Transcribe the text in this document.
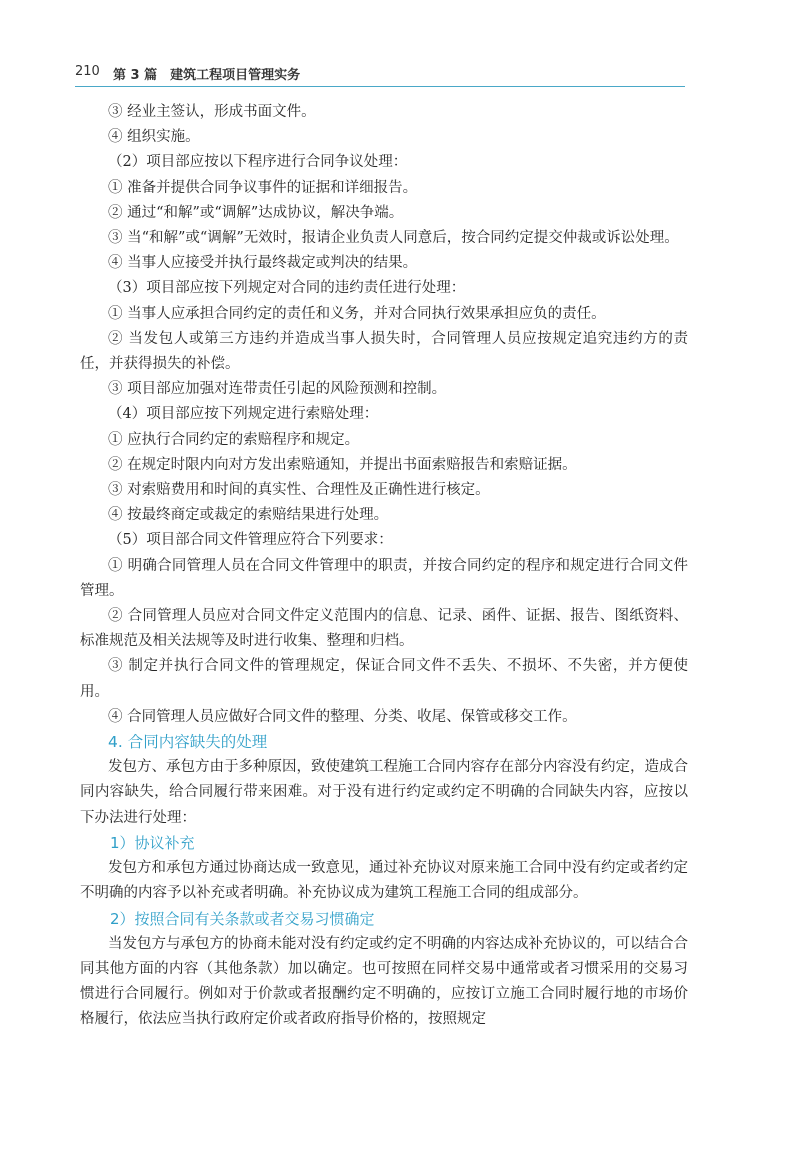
210 第 3 篇　建筑工程项目管理实务

③ 经业主签认，形成书面文件。

④ 组织实施。

（2）项目部应按以下程序进行合同争议处理：

① 准备并提供合同争议事件的证据和详细报告。

② 通过“和解”或“调解”达成协议，解决争端。

③ 当“和解”或“调解”无效时，报请企业负责人同意后，按合同约定提交仲裁或诉讼处理。

④ 当事人应接受并执行最终裁定或判决的结果。

（3）项目部应按下列规定对合同的违约责任进行处理：

① 当事人应承担合同约定的责任和义务，并对合同执行效果承担应负的责任。

② 当发包人或第三方违约并造成当事人损失时，合同管理人员应按规定追究违约方的责任，并获得损失的补偿。

③ 项目部应加强对连带责任引起的风险预测和控制。

（4）项目部应按下列规定进行索赔处理：

① 应执行合同约定的索赔程序和规定。

② 在规定时限内向对方发出索赔通知，并提出书面索赔报告和索赔证据。

③ 对索赔费用和时间的真实性、合理性及正确性进行核定。

④ 按最终商定或裁定的索赔结果进行处理。

（5）项目部合同文件管理应符合下列要求：

① 明确合同管理人员在合同文件管理中的职责，并按合同约定的程序和规定进行合同文件管理。

② 合同管理人员应对合同文件定义范围内的信息、记录、函件、证据、报告、图纸资料、标准规范及相关法规等及时进行收集、整理和归档。

③ 制定并执行合同文件的管理规定，保证合同文件不丢失、不损坏、不失密，并方便使用。

④ 合同管理人员应做好合同文件的整理、分类、收尾、保管或移交工作。

4. 合同内容缺失的处理

发包方、承包方由于多种原因，致使建筑工程施工合同内容存在部分内容没有约定，造成合同内容缺失，给合同履行带来困难。对于没有进行约定或约定不明确的合同缺失内容，应按以下办法进行处理：

1）协议补充

发包方和承包方通过协商达成一致意见，通过补充协议对原来施工合同中没有约定或者约定不明确的内容予以补充或者明确。补充协议成为建筑工程施工合同的组成部分。

2）按照合同有关条款或者交易习惯确定

当发包方与承包方的协商未能对没有约定或约定不明确的内容达成补充协议的，可以结合合同其他方面的内容（其他条款）加以确定。也可按照在同样交易中通常或者习惯采用的交易习惯进行合同履行。例如对于价款或者报酬约定不明确的，应按订立施工合同时履行地的市场价格履行，依法应当执行政府定价或者政府指导价格的，按照规定
